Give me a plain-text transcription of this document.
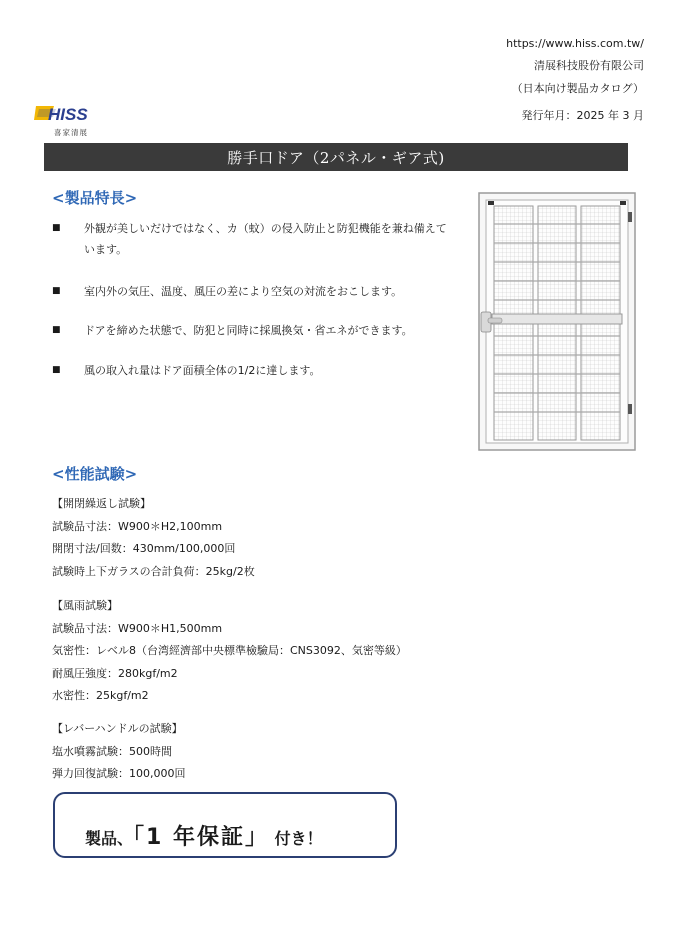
https://www.hiss.com.tw/
清展科技股份有限公司
（日本向け製品カタログ）
発行年月：2025 年 3 月
HISS
喜家清展
勝手口ドア（2パネル・ギア式)
<製品特長>
■ 外観が美しいだけではなく、カ（蚊）の侵入防止と防犯機能を兼ね備えています。
■ 室内外の気圧、温度、風圧の差により空気の対流をおこします。
■ ドアを締めた状態で、防犯と同時に採風換気・省エネができます。
■ 風の取入れ量はドア面積全体の1/2に達します。
<性能試験>
【開閉繰返し試験】
試験品寸法：W900＊H2,100mm
開閉寸法/回数：430mm/100,000回
試験時上下ガラスの合計負荷：25kg/2枚
【風雨試験】
試験品寸法：W900＊H1,500mm
気密性：レベル8（台湾經濟部中央標準檢驗局：CNS3092、気密等級）
耐風圧強度：280kgf/m2
水密性：25kgf/m2
【レバーハンドルの試験】
塩水噴霧試験：500時間
弾力回復試験：100,000回
製品、「1 年保証」 付き！
